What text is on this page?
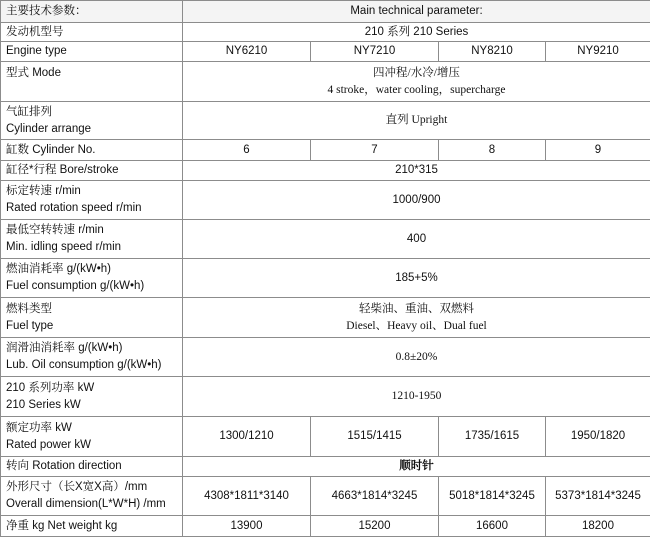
主要技术参数：	Main technical parameter:			
发动机型号	210 系列 210 Series			
Engine type	NY6210	NY7210	NY8210	NY9210
型式 Mode	四冲程/水冷/增压
4 stroke，water cooling，supercharge			

气缸排列
Cylinder arrange	直列 Upright			
缸数 Cylinder No.	6	7	8	9
缸径*行程 Bore/stroke	210*315			

标定转速 r/min
Rated rotation speed r/min	1000/900			

最低空转转速 r/min
Min. idling speed r/min	400			

燃油消耗率 g/(kW•h)
Fuel consumption g/(kW•h)	185+5%			

燃料类型
Fuel type	轻柴油、重油、双燃料
Diesel、Heavy oil、Dual fuel			

润滑油消耗率 g/(kW•h)
Lub. Oil consumption g/(kW•h)	0.8±20%			

210 系列功率 kW
210 Series kW	1210-1950			

额定功率 kW
Rated power kW	1300/1210	1515/1415	1735/1615	1950/1820
转向 Rotation direction	顺时针			

外形尺寸（长X宽X高）/mm
Overall dimension(L*W*H) /mm	4308*1811*3140	4663*1814*3245	5018*1814*3245	5373*1814*3245
净重 kg Net weight kg	13900	15200	16600	18200
